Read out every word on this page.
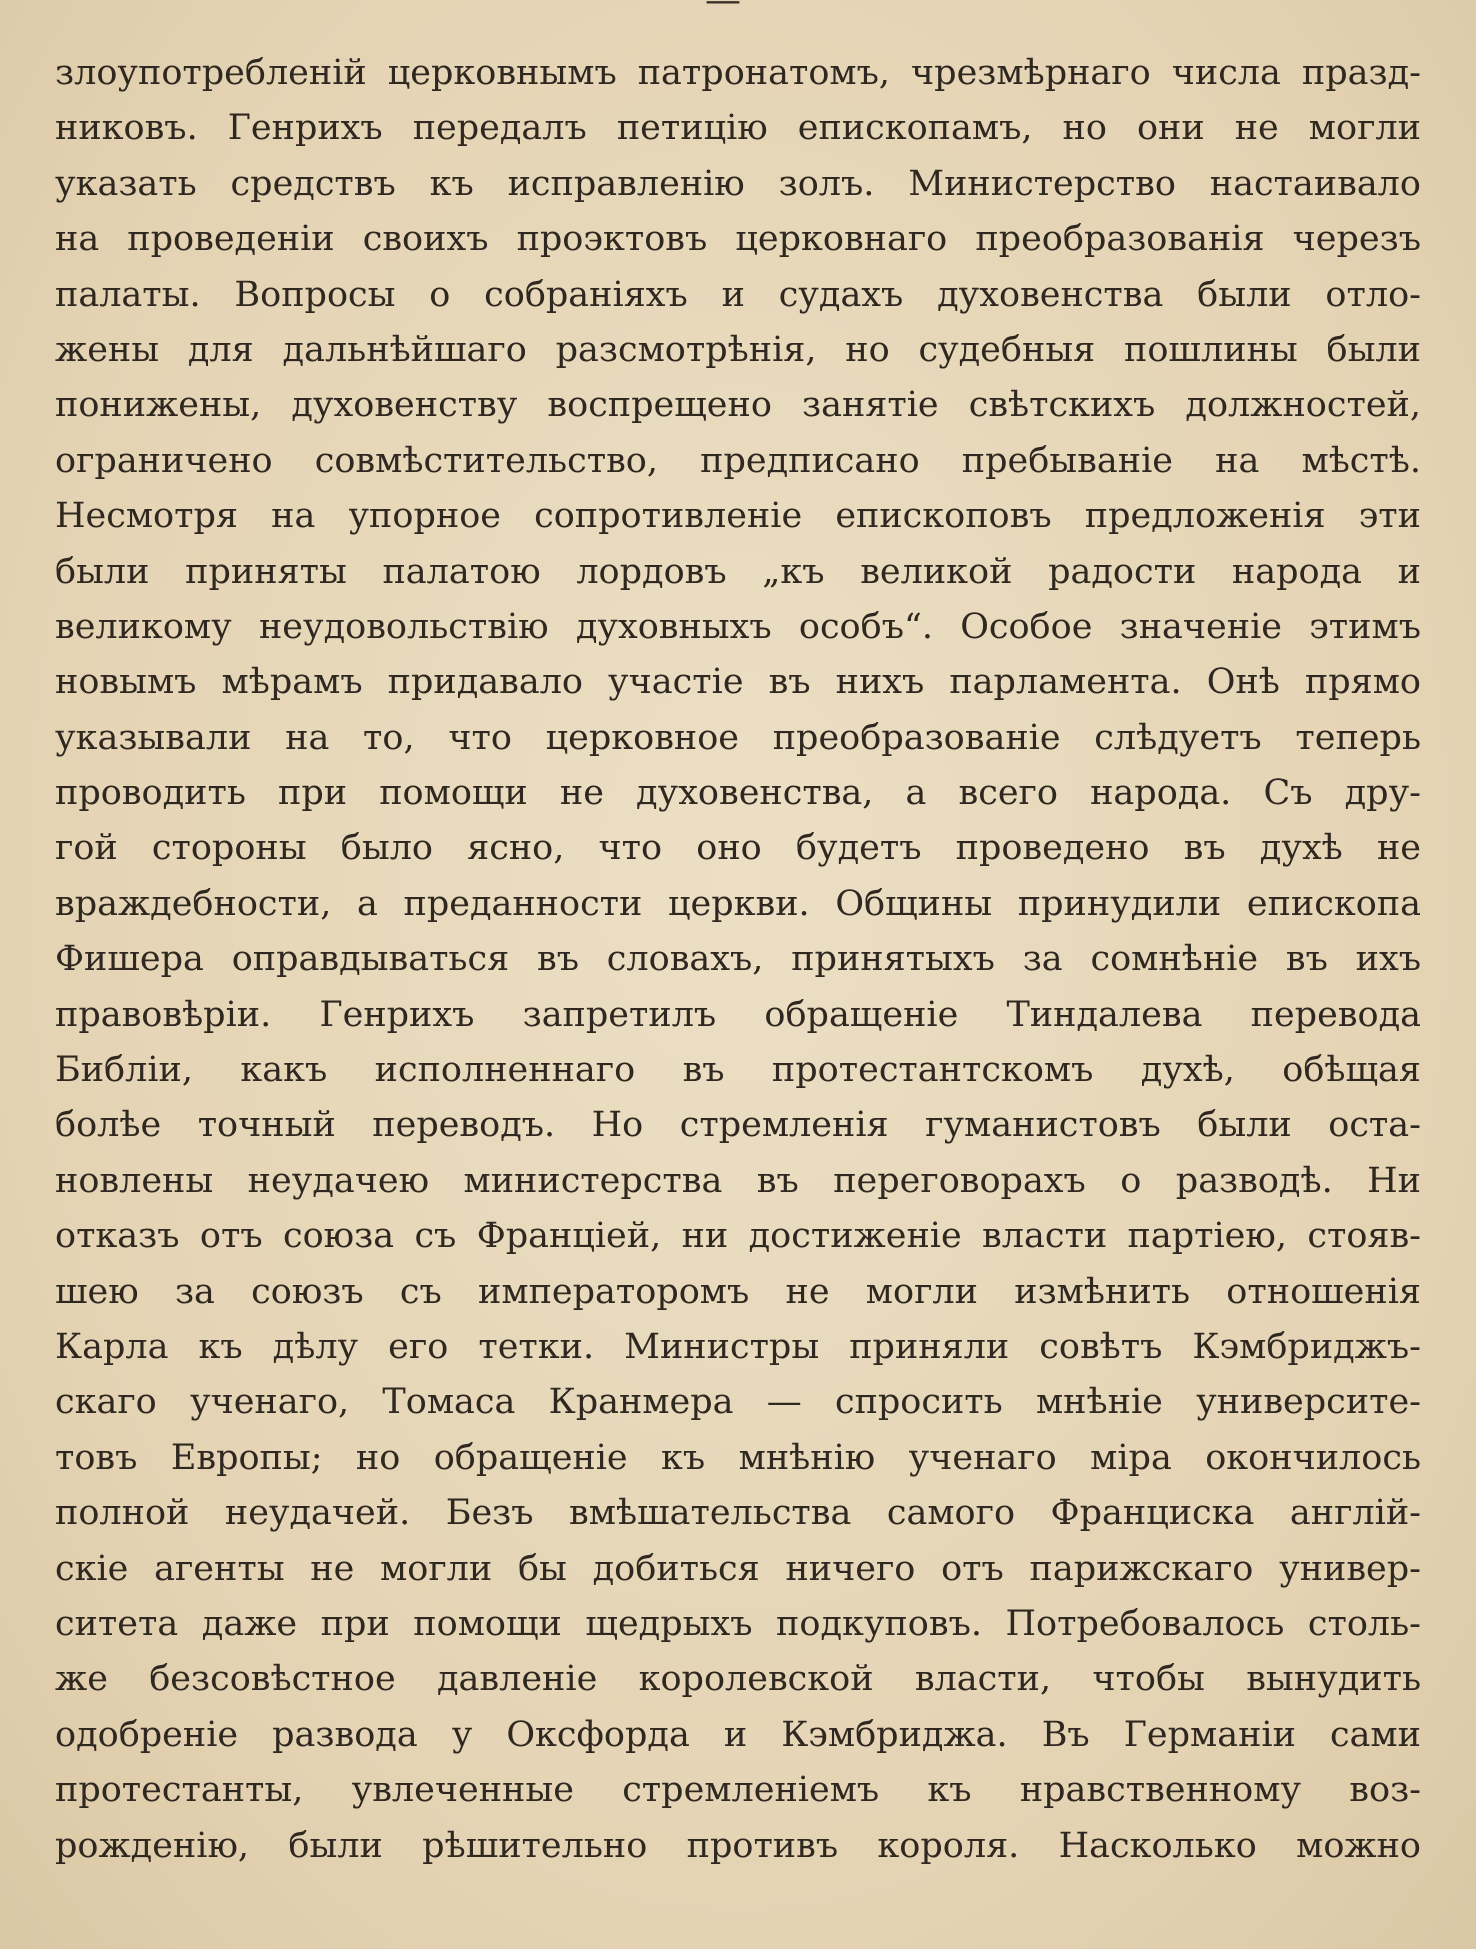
—
злоупотребленій церковнымъ патронатомъ, чрезмѣрнаго числа празд-
никовъ. Генрихъ передалъ петицію епископамъ, но они не могли
указать средствъ къ исправленію золъ. Министерство настаивало
на проведеніи своихъ проэктовъ церковнаго преобразованія черезъ
палаты. Вопросы о собраніяхъ и судахъ духовенства были отло-
жены для дальнѣйшаго разсмотрѣнія, но судебныя пошлины были
понижены, духовенству воспрещено занятіе свѣтскихъ должностей,
ограничено совмѣстительство, предписано пребываніе на мѣстѣ.
Несмотря на упорное сопротивленіе епископовъ предложенія эти
были приняты палатою лордовъ „къ великой радости народа и
великому неудовольствію духовныхъ особъ“. Особое значеніе этимъ
новымъ мѣрамъ придавало участіе въ нихъ парламента. Онѣ прямо
указывали на то, что церковное преобразованіе слѣдуетъ теперь
проводить при помощи не духовенства, а всего народа. Съ дру-
гой стороны было ясно, что оно будетъ проведено въ духѣ не
враждебности, а преданности церкви. Общины принудили епископа
Фишера оправдываться въ словахъ, принятыхъ за сомнѣніе въ ихъ
правовѣріи. Генрихъ запретилъ обращеніе Тиндалева перевода
Библіи, какъ исполненнаго въ протестантскомъ духѣ, обѣщая
болѣе точный переводъ. Но стремленія гуманистовъ были оста-
новлены неудачею министерства въ переговорахъ о разводѣ. Ни
отказъ отъ союза съ Франціей, ни достиженіе власти партіею, стояв-
шею за союзъ съ императоромъ не могли измѣнить отношенія
Карла къ дѣлу его тетки. Министры приняли совѣтъ Кэмбриджъ-
скаго ученаго, Томаса Кранмера — спросить мнѣніе университе-
товъ Европы; но обращеніе къ мнѣнію ученаго міра окончилось
полной неудачей. Безъ вмѣшательства самого Франциска англій-
скіе агенты не могли бы добиться ничего отъ парижскаго универ-
ситета даже при помощи щедрыхъ подкуповъ. Потребовалось столь-
же безсовѣстное давленіе королевской власти, чтобы вынудить
одобреніе развода у Оксфорда и Кэмбриджа. Въ Германіи сами
протестанты, увлеченные стремленіемъ къ нравственному воз-
рожденію, были рѣшительно противъ короля. Насколько можно
